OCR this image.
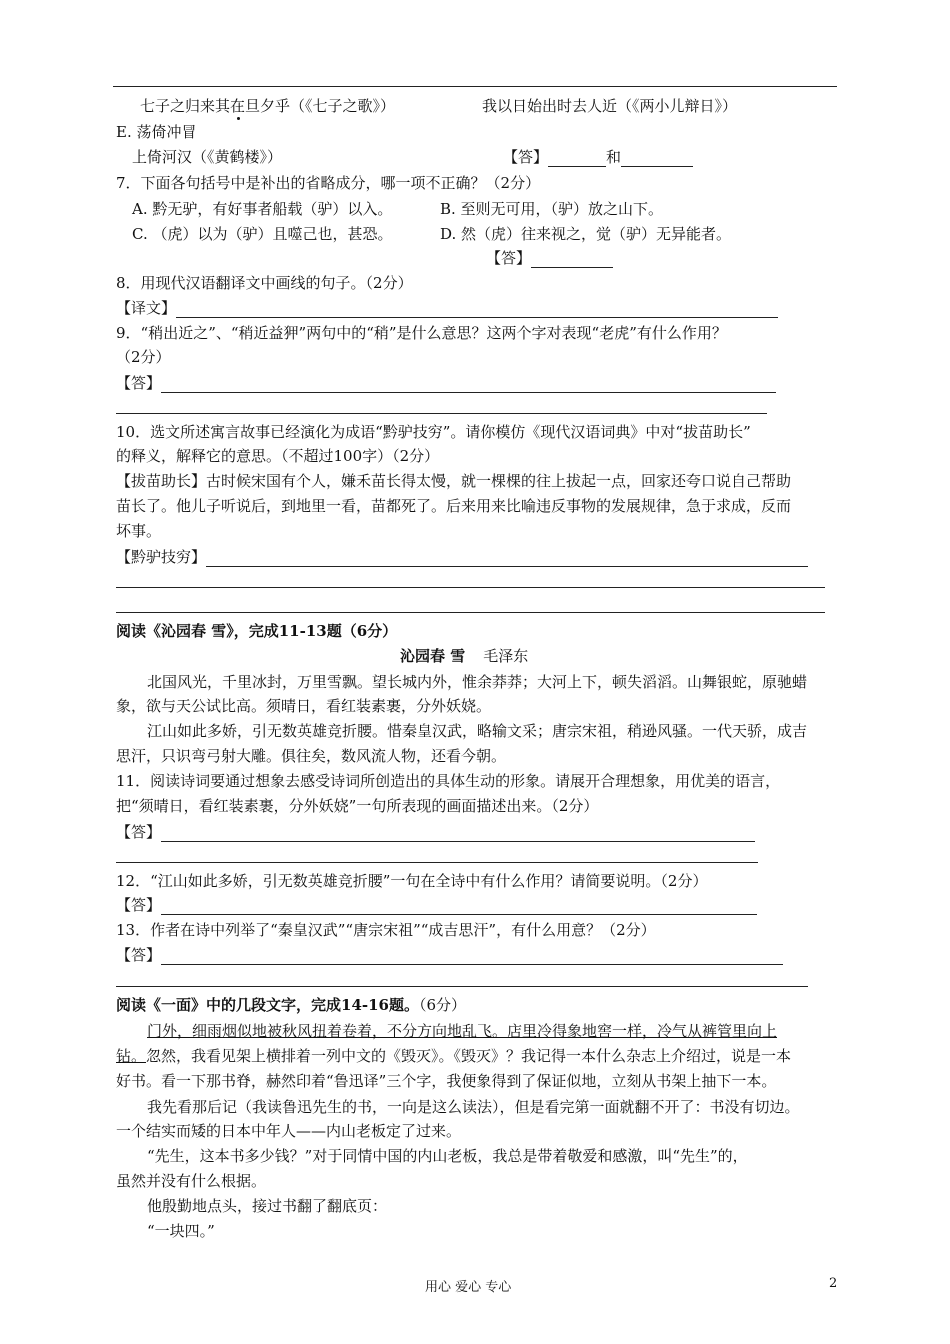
七子之归来其在旦夕乎（《七子之歌》）	我以日始出时去人近（《两小儿辩日》）
E. 荡倚冲冒
上倚河汉（《黄鹤楼》）	【答】	和
7．下面各句括号中是补出的省略成分，哪一项不正确？（2分）
A. 黔无驴，有好事者船载（驴）以入。	B. 至则无可用，（驴）放之山下。
C. （虎）以为（驴）且噬己也，甚恐。	D. 然（虎）往来视之，觉（驴）无异能者。
【答】
8．用现代汉语翻译文中画线的句子。（2分）
【译文】
9．“稍出近之”、“稍近益狎”两句中的“稍”是什么意思？这两个字对表现“老虎”有什么作用？
（2分）
【答】
10．选文所述寓言故事已经演化为成语“黔驴技穷”。请你模仿《现代汉语词典》中对“拔苗助长”
的释义，解释它的意思。（不超过100字）（2分）
【拔苗助长】古时候宋国有个人，嫌禾苗长得太慢，就一棵棵的往上拔起一点，回家还夸口说自己帮助
苗长了。他儿子听说后，到地里一看，苗都死了。后来用来比喻违反事物的发展规律，急于求成，反而
坏事。
【黔驴技穷】
阅读《沁园春 雪》，完成11-13题（6分）
沁园春 雪 毛泽东
北国风光，千里冰封，万里雪飘。望长城内外，惟余莽莽；大河上下，顿失滔滔。山舞银蛇，原驰蜡
象，欲与天公试比高。须晴日，看红装素裹，分外妖娆。
江山如此多娇，引无数英雄竞折腰。惜秦皇汉武，略输文采；唐宗宋祖，稍逊风骚。一代天骄，成吉
思汗，只识弯弓射大雕。俱往矣，数风流人物，还看今朝。
11．阅读诗词要通过想象去感受诗词所创造出的具体生动的形象。请展开合理想象，用优美的语言，
把“须晴日，看红装素裹，分外妖娆”一句所表现的画面描述出来。（2分）
【答】
12．“江山如此多娇，引无数英雄竞折腰”一句在全诗中有什么作用？请简要说明。（2分）
【答】
13．作者在诗中列举了“秦皇汉武”“唐宗宋祖”“成吉思汗”，有什么用意？（2分）
【答】
阅读《一面》中的几段文字，完成14-16题。（6分）
门外，细雨烟似地被秋风扭着卷着，不分方向地乱飞。店里冷得象地窖一样，冷气从裤管里向上
钻。忽然，我看见架上横排着一列中文的《毁灭》。《毁灭》？我记得一本什么杂志上介绍过，说是一本
好书。看一下那书脊，赫然印着“鲁迅译”三个字，我便象得到了保证似地，立刻从书架上抽下一本。
我先看那后记（我读鲁迅先生的书，一向是这么读法），但是看完第一面就翻不开了：书没有切边。
一个结实而矮的日本中年人——内山老板定了过来。
“先生，这本书多少钱？”对于同情中国的内山老板，我总是带着敬爱和感激，叫“先生”的，
虽然并没有什么根据。
他殷勤地点头，接过书翻了翻底页：
“一块四。”
用心 爱心 专心	2
